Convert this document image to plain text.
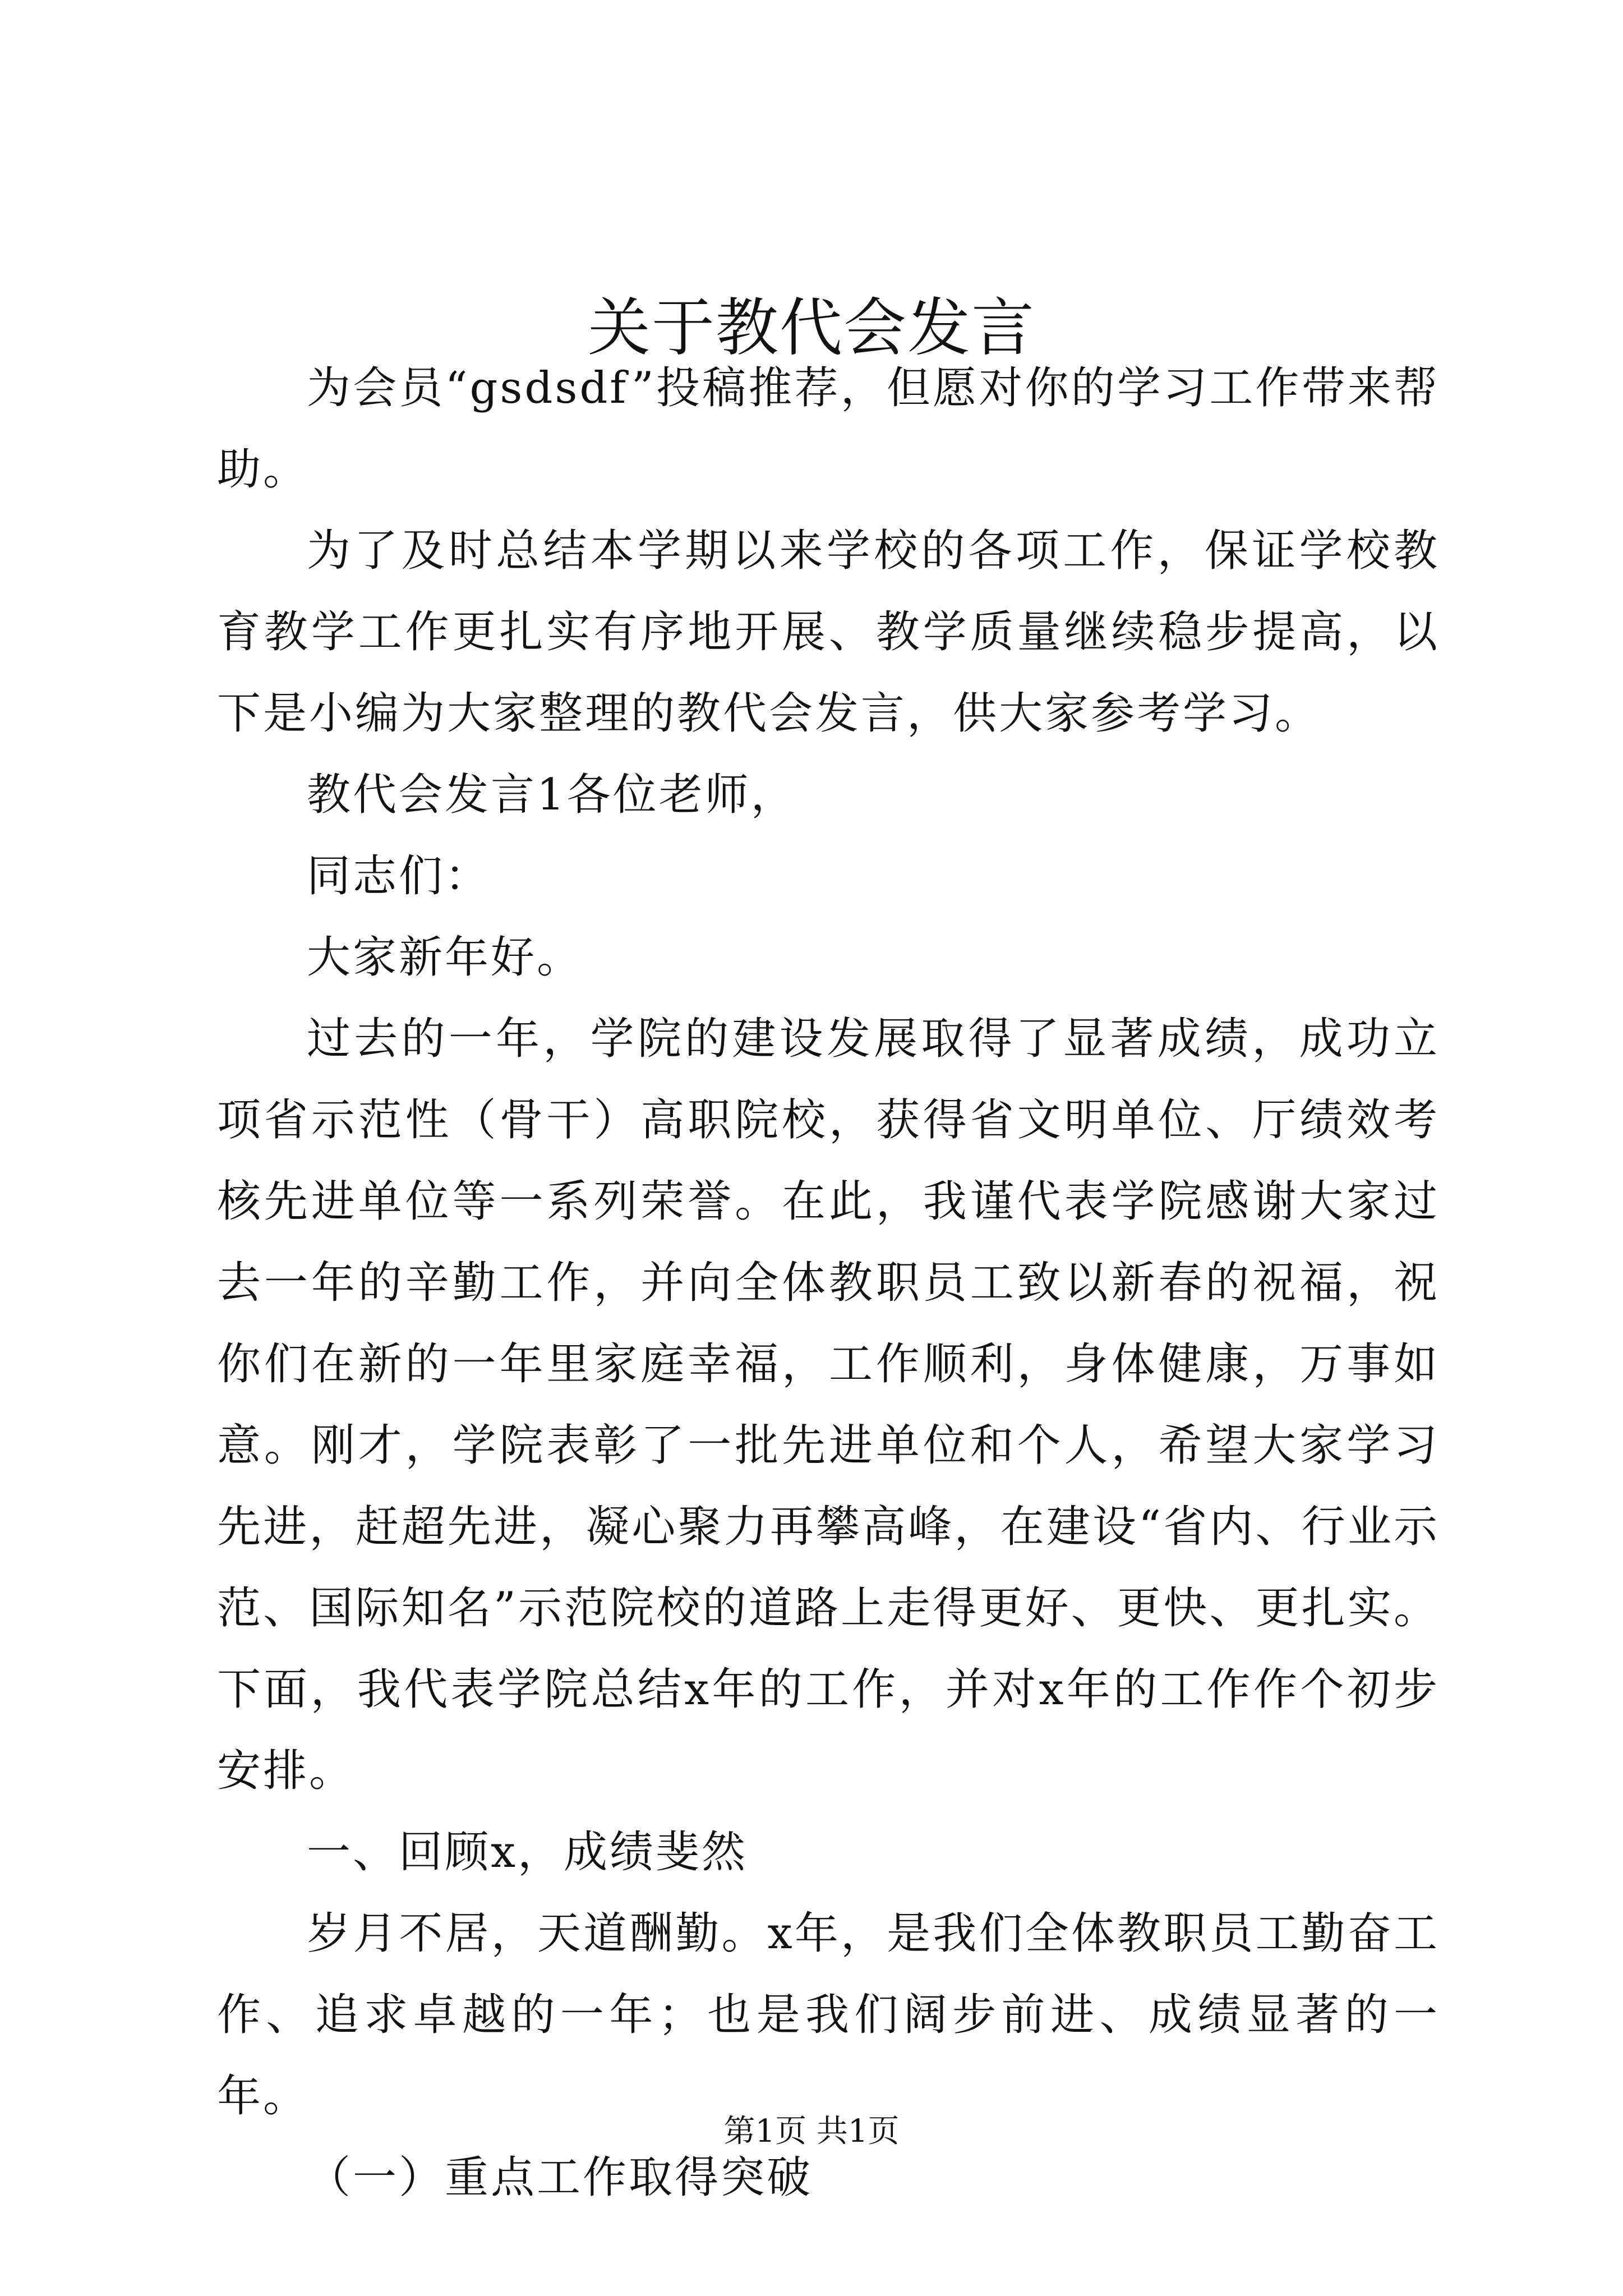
关于教代会发言

为会员“gsdsdf”投稿推荐，但愿对你的学习工作带来帮助。

为了及时总结本学期以来学校的各项工作，保证学校教育教学工作更扎实有序地开展、教学质量继续稳步提高，以下是小编为大家整理的教代会发言，供大家参考学习。

教代会发言1各位老师，

同志们：

大家新年好。

过去的一年，学院的建设发展取得了显著成绩，成功立项省示范性（骨干）高职院校，获得省文明单位、厅绩效考核先进单位等一系列荣誉。在此，我谨代表学院感谢大家过去一年的辛勤工作，并向全体教职员工致以新春的祝福，祝你们在新的一年里家庭幸福，工作顺利，身体健康，万事如意。刚才，学院表彰了一批先进单位和个人，希望大家学习先进，赶超先进，凝心聚力再攀高峰，在建设“省内、行业示范、国际知名”示范院校的道路上走得更好、更快、更扎实。下面，我代表学院总结x年的工作，并对x年的工作作个初步安排。

一、回顾x，成绩斐然

岁月不居，天道酬勤。x年，是我们全体教职员工勤奋工作、追求卓越的一年；也是我们阔步前进、成绩显著的一年。

（一）重点工作取得突破

第1页 共1页
